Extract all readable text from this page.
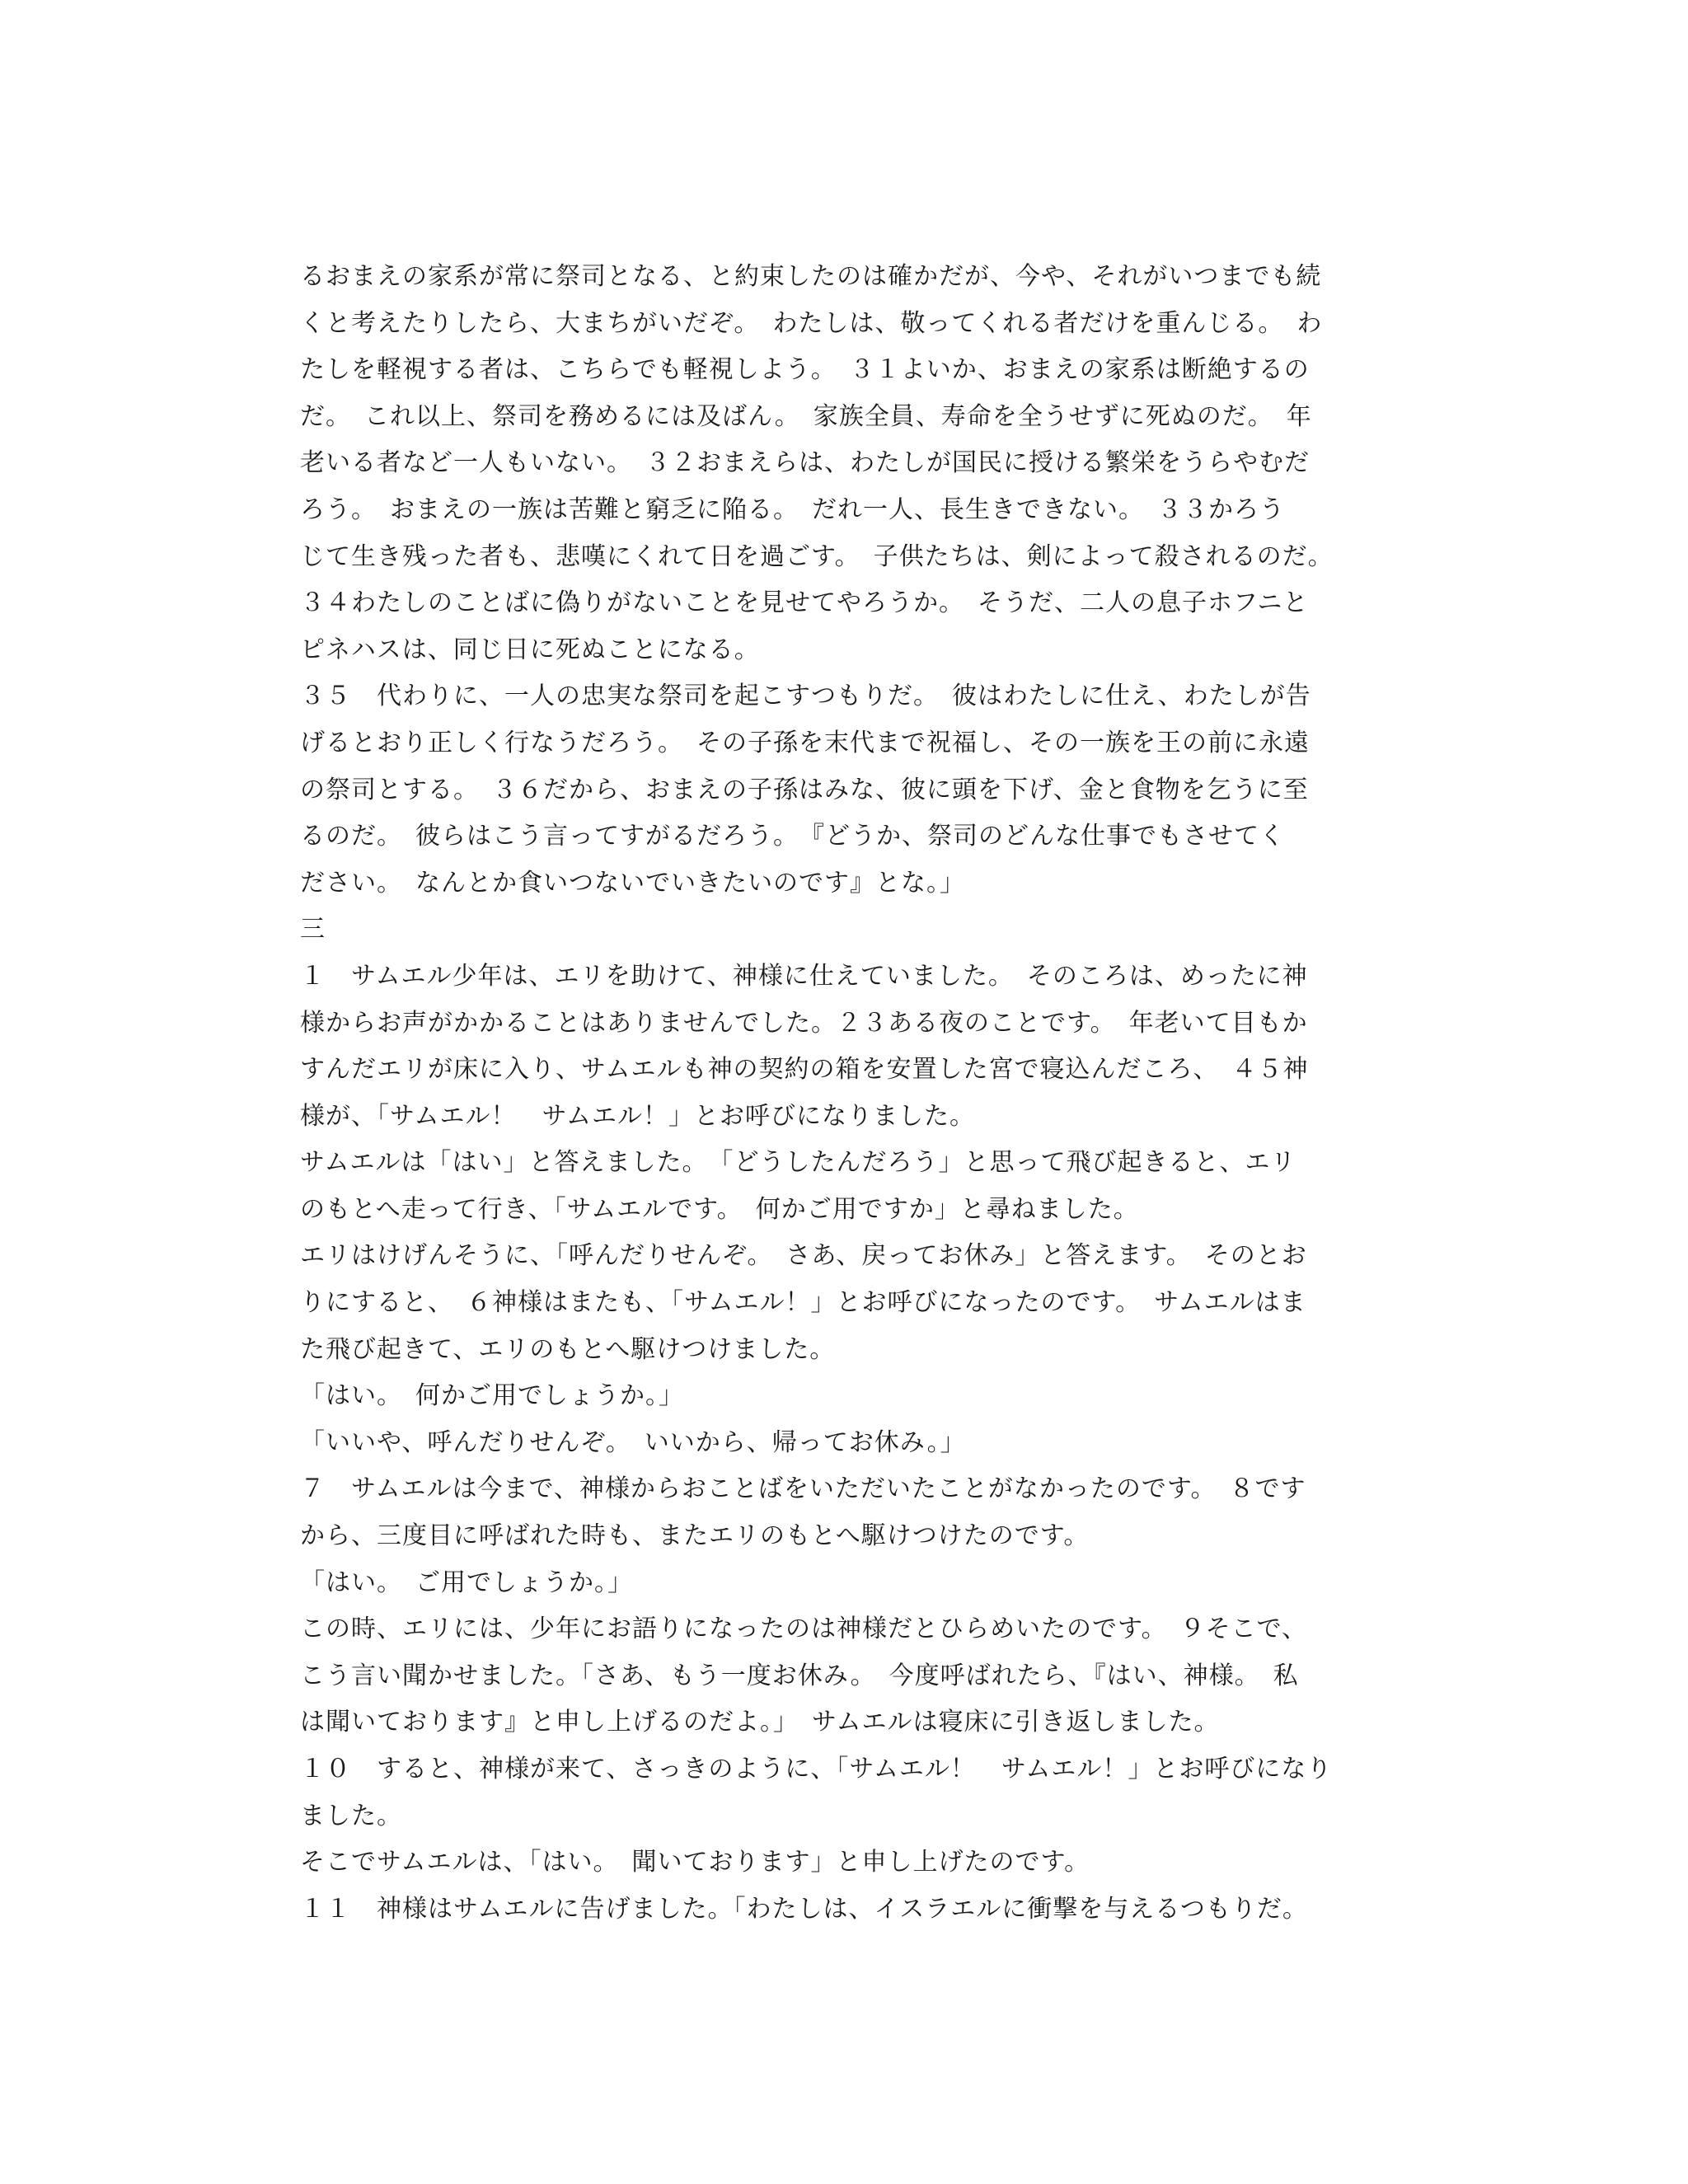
るおまえの家系が常に祭司となる、と約束したのは確かだが、今や、それがいつまでも続
くと考えたりしたら、大まちがいだぞ。　わたしは、敬ってくれる者だけを重んじる。　わ
たしを軽視する者は、こちらでも軽視しよう。　３１よいか、おまえの家系は断絶するの
だ。　これ以上、祭司を務めるには及ばん。　家族全員、寿命を全うせずに死ぬのだ。　年
老いる者など一人もいない。　３２おまえらは、わたしが国民に授ける繁栄をうらやむだ
ろう。　おまえの一族は苦難と窮乏に陥る。　だれ一人、長生きできない。　３３かろう
じて生き残った者も、悲嘆にくれて日を過ごす。　子供たちは、剣によって殺されるのだ。
３４わたしのことばに偽りがないことを見せてやろうか。　そうだ、二人の息子ホフニと
ピネハスは、同じ日に死ぬことになる。
３５　代わりに、一人の忠実な祭司を起こすつもりだ。　彼はわたしに仕え、わたしが告
げるとおり正しく行なうだろう。　その子孫を末代まで祝福し、その一族を王の前に永遠
の祭司とする。　３６だから、おまえの子孫はみな、彼に頭を下げ、金と食物を乞うに至
るのだ。　彼らはこう言ってすがるだろう。　『どうか、祭司のどんな仕事でもさせてく
ださい。　なんとか食いつないでいきたいのです』とな。」
三
１　サムエル少年は、エリを助けて、神様に仕えていました。　そのころは、めったに神
様からお声がかかることはありませんでした。２３ある夜のことです。　年老いて目もか
すんだエリが床に入り、サムエルも神の契約の箱を安置した宮で寝込んだころ、　４５神
様が、「サムエル！　サムエル！」とお呼びになりました。
サムエルは「はい」と答えました。　「どうしたんだろう」と思って飛び起きると、エリ
のもとへ走って行き、「サムエルです。　何かご用ですか」と尋ねました。
エリはけげんそうに、「呼んだりせんぞ。　さあ、戻ってお休み」と答えます。　そのとお
りにすると、　６神様はまたも、「サムエル！」とお呼びになったのです。　サムエルはま
た飛び起きて、エリのもとへ駆けつけました。
「はい。　何かご用でしょうか。」
「いいや、呼んだりせんぞ。　いいから、帰ってお休み。」
７　サムエルは今まで、神様からおことばをいただいたことがなかったのです。　８です
から、三度目に呼ばれた時も、またエリのもとへ駆けつけたのです。
「はい。　ご用でしょうか。」
この時、エリには、少年にお語りになったのは神様だとひらめいたのです。　９そこで、
こう言い聞かせました。「さあ、もう一度お休み。　今度呼ばれたら、『はい、神様。　私
は聞いております』と申し上げるのだよ。」　サムエルは寝床に引き返しました。
１０　すると、神様が来て、さっきのように、「サムエル！　サムエル！」とお呼びになり
ました。
そこでサムエルは、「はい。　聞いております」と申し上げたのです。
１１　神様はサムエルに告げました。「わたしは、イスラエルに衝撃を与えるつもりだ。
